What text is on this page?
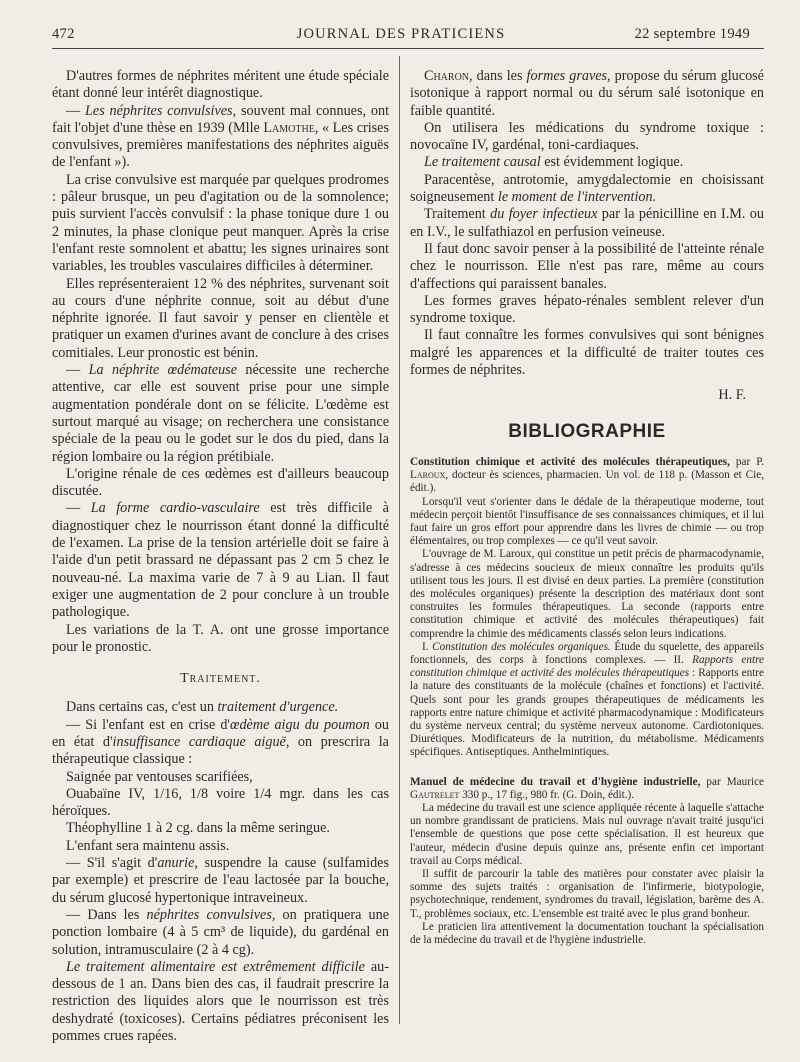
472	JOURNAL DES PRATICIENS	22 septembre 1949

D'autres formes de néphrites méritent une étude spéciale étant donné leur intérêt diagnostique.

— Les néphrites convulsives, souvent mal connues, ont fait l'objet d'une thèse en 1939 (Mlle Lamothe, « Les crises convulsives, premières manifestations des néphrites aiguës de l'enfant »).

La crise convulsive est marquée par quelques prodromes : pâleur brusque, un peu d'agitation ou de la somnolence; puis survient l'accès convulsif : la phase tonique dure 1 ou 2 minutes, la phase clonique peut manquer. Après la crise l'enfant reste somnolent et abattu; les signes urinaires sont variables, les troubles vasculaires difficiles à déterminer.

Elles représenteraient 12 % des néphrites, survenant soit au cours d'une néphrite connue, soit au début d'une néphrite ignorée. Il faut savoir y penser en clientèle et pratiquer un examen d'urines avant de conclure à des crises comitiales. Leur pronostic est bénin.

— La néphrite œdémateuse nécessite une recherche attentive, car elle est souvent prise pour une simple augmentation pondérale dont on se félicite. L'œdème est surtout marqué au visage; on recherchera une consistance spéciale de la peau ou le godet sur le dos du pied, dans la région lombaire ou la région prétibiale.

L'origine rénale de ces œdèmes est d'ailleurs beaucoup discutée.

— La forme cardio-vasculaire est très difficile à diagnostiquer chez le nourrisson étant donné la difficulté de l'examen. La prise de la tension artérielle doit se faire à l'aide d'un petit brassard ne dépassant pas 2 cm 5 chez le nouveau-né. La maxima varie de 7 à 9 au Lian. Il faut exiger une augmentation de 2 pour conclure à un trouble pathologique.

Les variations de la T. A. ont une grosse importance pour le pronostic.

Traitement.

Dans certains cas, c'est un traitement d'urgence.

— Si l'enfant est en crise d'œdème aigu du poumon ou en état d'insuffisance cardiaque aiguë, on prescrira la thérapeutique classique :

Saignée par ventouses scarifiées,

Ouabaïne IV, 1/16, 1/8 voire 1/4 mgr. dans les cas héroïques.

Théophylline 1 à 2 cg. dans la même seringue.

L'enfant sera maintenu assis.

— S'il s'agit d'anurie, suspendre la cause (sulfamides par exemple) et prescrire de l'eau lactosée par la bouche, du sérum glucosé hypertonique intraveineux.

— Dans les néphrites convulsives, on pratiquera une ponction lombaire (4 à 5 cm³ de liquide), du gardénal en solution, intramusculaire (2 à 4 cg).

Le traitement alimentaire est extrêmement difficile au-dessous de 1 an. Dans bien des cas, il faudrait prescrire la restriction des liquides alors que le nourrisson est très deshydraté (toxicoses). Certains pédiatres préconisent les pommes crues rapées.

Charon, dans les formes graves, propose du sérum glucosé isotonique à rapport normal ou du sérum salé isotonique en faible quantité.

On utilisera les médications du syndrome toxique : novocaïne IV, gardénal, toni-cardiaques.

Le traitement causal est évidemment logique.

Paracentèse, antrotomie, amygdalectomie en choisissant soigneusement le moment de l'intervention.

Traitement du foyer infectieux par la pénicilline en I.M. ou en I.V., le sulfathiazol en perfusion veineuse.

Il faut donc savoir penser à la possibilité de l'atteinte rénale chez le nourrisson. Elle n'est pas rare, même au cours d'affections qui paraissent banales.

Les formes graves hépato-rénales semblent relever d'un syndrome toxique.

Il faut connaître les formes convulsives qui sont bénignes malgré les apparences et la difficulté de traiter toutes ces formes de néphrites.

H. F.

BIBLIOGRAPHIE

Constitution chimique et activité des molécules thérapeutiques, par P. Laroux, docteur ès sciences, pharmacien. Un vol. de 118 p. (Masson et Cie, édit.).

Lorsqu'il veut s'orienter dans le dédale de la thérapeutique moderne, tout médecin perçoit bientôt l'insuffisance de ses connaissances chimiques, et il lui faut faire un gros effort pour apprendre dans les livres de chimie — ou trop élémentaires, ou trop complexes — ce qu'il veut savoir.

L'ouvrage de M. Laroux, qui constitue un petit précis de pharmacodynamie, s'adresse à ces médecins soucieux de mieux connaître les produits qu'ils utilisent tous les jours. Il est divisé en deux parties. La première (constitution des molécules organiques) présente la description des matériaux dont sont construites les formules thérapeutiques. La seconde (rapports entre constitution chimique et activité des molécules thérapeutiques) fait comprendre la chimie des médicaments classés selon leurs indications.

I. Constitution des molécules organiques. Étude du squelette, des appareils fonctionnels, des corps à fonctions complexes. — II. Rapports entre constitution chimique et activité des molécules thérapeutiques : Rapports entre la nature des constituants de la molécule (chaînes et fonctions) et l'activité. Quels sont pour les grands groupes thérapeutiques de médicaments les rapports entre nature chimique et activité pharmacodynamique : Modificateurs du système nerveux central; du système nerveux autonome. Cardiotoniques. Diurétiques. Modificateurs de la nutrition, du métabolisme. Médicaments spécifiques. Antiseptiques. Anthelmintiques.

Manuel de médecine du travail et d'hygiène industrielle, par Maurice Gautrelet 330 p., 17 fig., 980 fr. (G. Doin, édit.).

La médecine du travail est une science appliquée récente à laquelle s'attache un nombre grandissant de praticiens. Mais nul ouvrage n'avait traité jusqu'ici l'ensemble de questions que pose cette spécialisation. Il est heureux que l'auteur, médecin d'usine depuis quinze ans, présente enfin cet important travail au Corps médical.

Il suffit de parcourir la table des matières pour constater avec plaisir la somme des sujets traités : organisation de l'infirmerie, biotypologie, psychotechnique, rendement, syndromes du travail, législation, barème des A. T., problèmes sociaux, etc. L'ensemble est traité avec le plus grand bonheur.

Le praticien lira attentivement la documentation touchant la spécialisation de la médecine du travail et de l'hygiène industrielle.
